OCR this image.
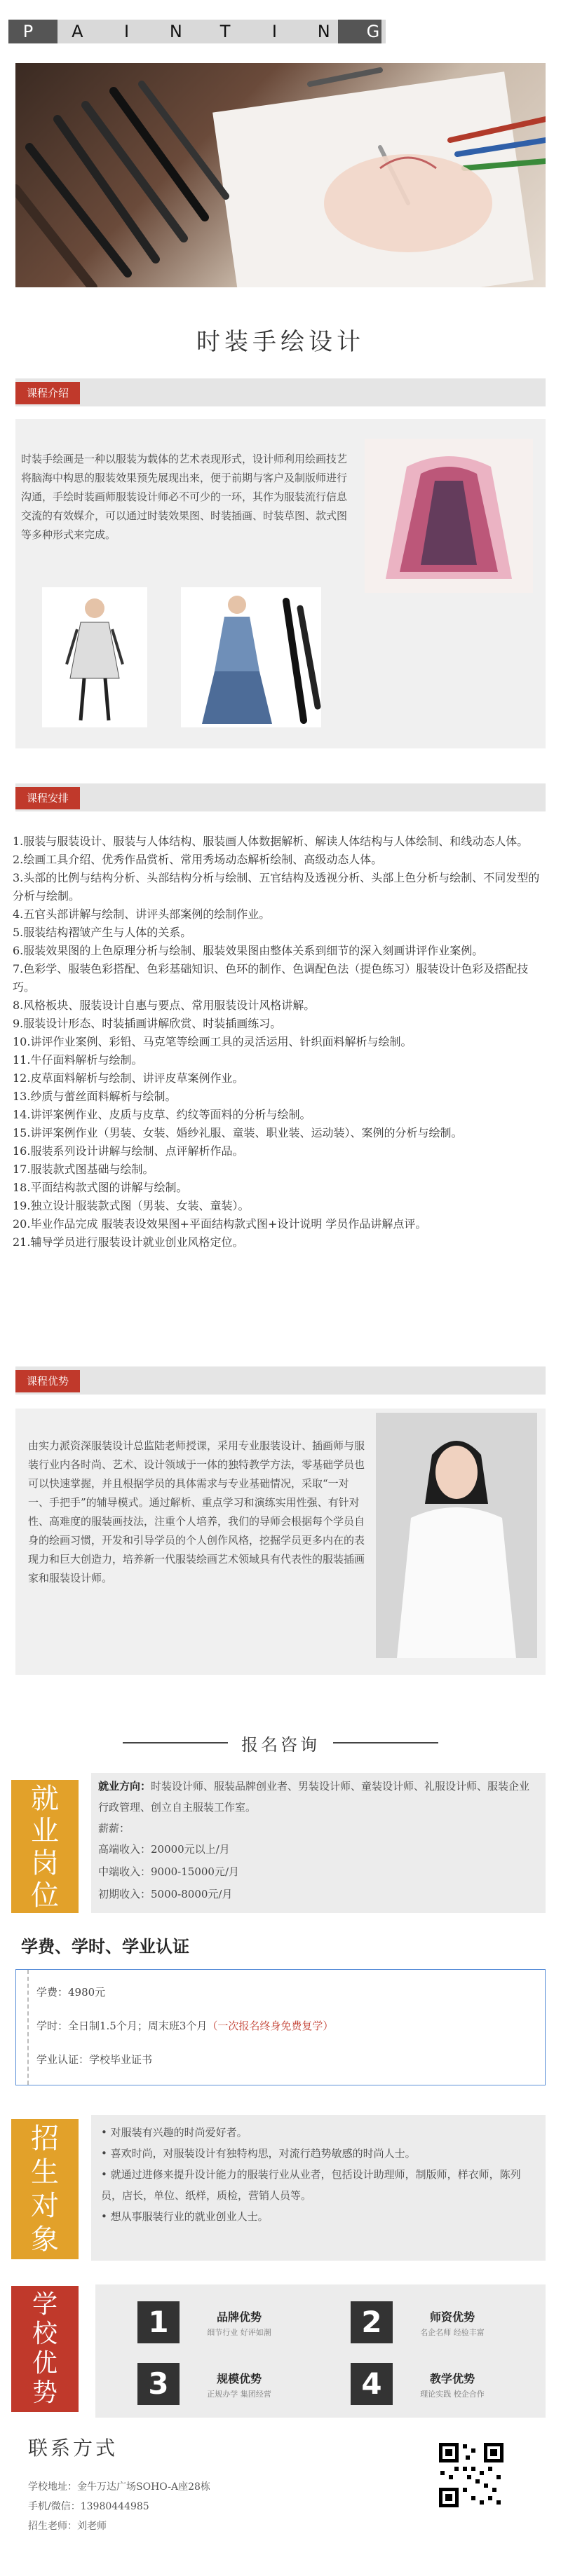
P A	I	N T	I	N G
时装手绘设计
课程介绍
时装手绘画是一种以服装为载体的艺术表现形式，设计师利用绘画技艺将脑海中构思的服装效果预先展现出来，便于前期与客户及制版师进行沟通，手绘时装画师服装设计师必不可少的一环，其作为服装流行信息交流的有效媒介，可以通过时装效果图、时装插画、时装草图、款式图等多种形式来完成。
课程安排
1.服装与服装设计、服装与人体结构、服装画人体数据解析、解读人体结构与人体绘制、和线动态人体。
2.绘画工具介绍、优秀作品赏析、常用秀场动态解析绘制、高级动态人体。
3.头部的比例与结构分析、头部结构分析与绘制、五官结构及透视分析、头部上色分析与绘制、不同发型的分析与绘制。
4.五官头部讲解与绘制、讲评头部案例的绘制作业。
5.服装结构褶皱产生与人体的关系。
6.服装效果图的上色原理分析与绘制、服装效果图由整体关系到细节的深入刻画讲评作业案例。
7.色彩学、服装色彩搭配、色彩基础知识、色环的制作、色调配色法（提色练习）服装设计色彩及搭配技巧。
8.风格板块、服装设计自惠与要点、常用服装设计风格讲解。
9.服装设计形态、时装插画讲解欣赏、时装插画练习。
10.讲评作业案例、彩铅、马克笔等绘画工具的灵活运用、针织面料解析与绘制。
11.牛仔面料解析与绘制。
12.皮草面料解析与绘制、讲评皮草案例作业。
13.纱质与蕾丝面料解析与绘制。
14.讲评案例作业、皮质与皮草、约纹等面料的分析与绘制。
15.讲评案例作业（男装、女装、婚纱礼服、童装、职业装、运动装）、案例的分析与绘制。
16.服装系列设计讲解与绘制、点评解析作品。
17.服装款式图基础与绘制。
18.平面结构款式图的讲解与绘制。
19.独立设计服装款式图（男装、女装、童装）。
20.毕业作品完成 服装表设效果图+平面结构款式图+设计说明 学员作品讲解点评。
21.辅导学员进行服装设计就业创业风格定位。
课程优势
由实力派资深服装设计总监陆老师授课，采用专业服装设计、插画师与服装行业内各时尚、艺术、设计领域于一体的独特教学方法，零基础学员也可以快速掌握，并且根据学员的具体需求与专业基础情况，采取“一对一、手把手”的辅导模式。通过解析、重点学习和演练实用性强、有针对性、高难度的服装画技法，注重个人培养，我们的导师会根据每个学员自身的绘画习惯，开发和引导学员的个人创作风格，挖掘学员更多内在的表现力和巨大创造力，培养新一代服装绘画艺术领域具有代表性的服装插画家和服装设计师。
报名咨询
就业岗位
就业方向：时装设计师、服装品牌创业者、男装设计师、童装设计师、礼服设计师、服装企业行政管理、创立自主服装工作室。
薪薪：
高端收入：20000元以上/月
中端收入：9000-15000元/月
初期收入：5000-8000元/月
学费、学时、学业认证
学费：4980元
学时：全日制1.5个月；周末班3个月（一次报名终身免费复学）
学业认证：学校毕业证书
招生对象
• 对服装有兴趣的时尚爱好者。
• 喜欢时尚，对服装设计有独特构思，对流行趋势敏感的时尚人士。
• 就通过进修来提升设计能力的服装行业从业者，包括设计助理师，制版师，样衣师，陈列员，店长，单位、纸样，质检，营销人员等。
• 想从事服装行业的就业创业人士。
学校优势
1	品牌优势
细节行业 好评如潮	2	师资优势
名企名师 经验丰富
3	规模优势
正规办学 集团经营	4	教学优势
理论实践 校企合作
联系方式
学校地址：金牛万达广场SOHO-A座28栋
手机/微信：13980444985
招生老师：刘老师
